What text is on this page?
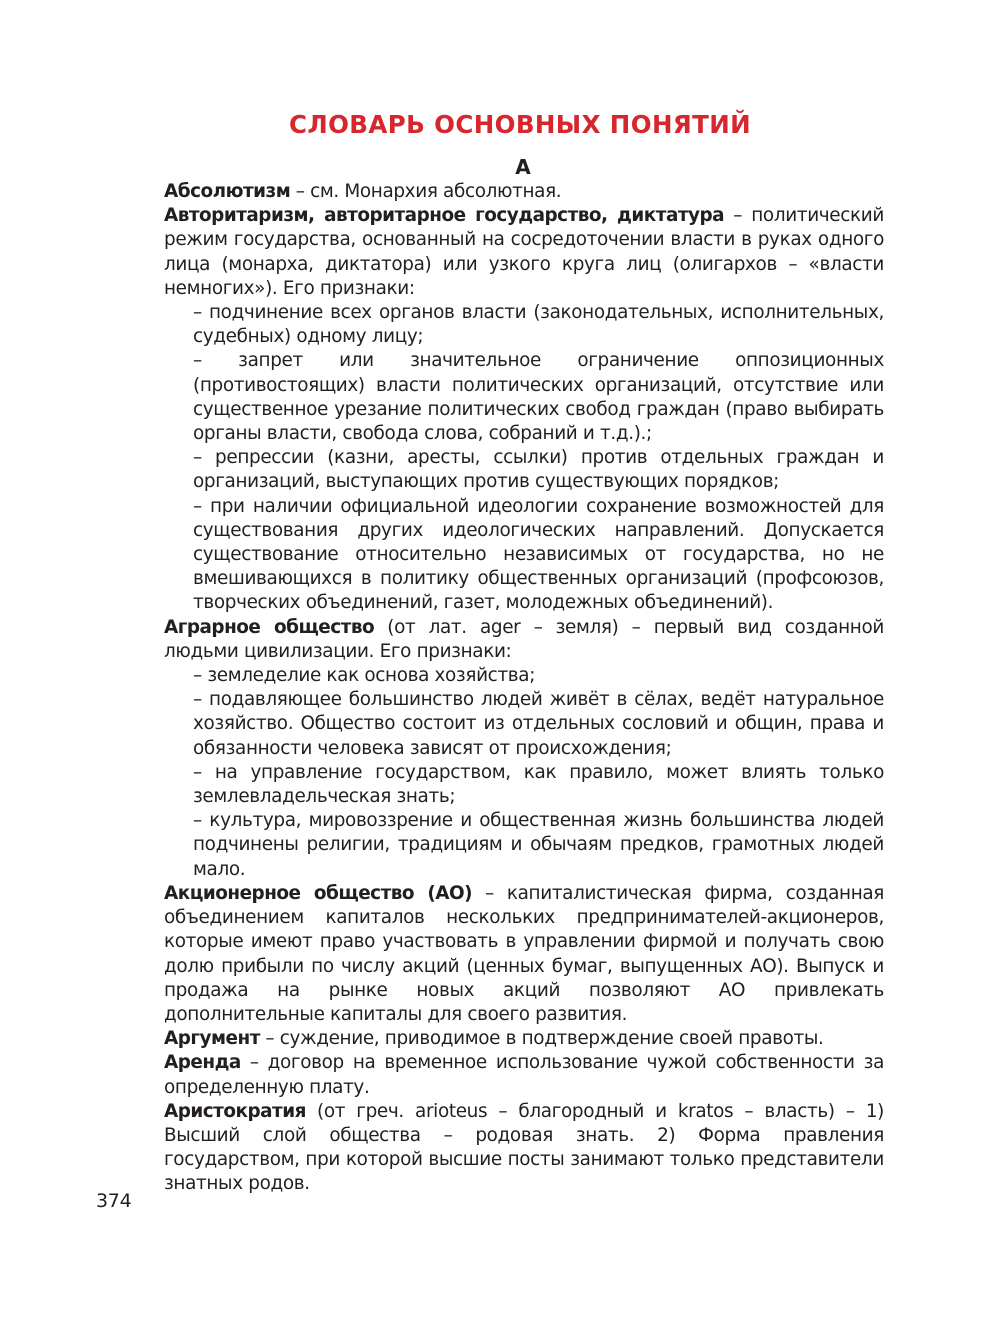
СЛОВАРЬ ОСНОВНЫХ ПОНЯТИЙ
А

Абсолютизм – см. Монархия абсолютная.

Авторитаризм, авторитарное государство, диктатура – политический режим государства, основанный на сосредоточении власти в руках одного лица (монарха, диктатора) или узкого круга лиц (олигархов – «власти немногих»). Его признаки:

– подчинение всех органов власти (законодательных, исполнительных, судебных) одному лицу;

– запрет или значительное ограничение оппозиционных (противостоящих) власти политических организаций, отсутствие или существенное урезание политических свобод граждан (право выбирать органы власти, свобода слова, собраний и т.д.).;

– репрессии (казни, аресты, ссылки) против отдельных граждан и организаций, выступающих против существующих порядков;

– при наличии официальной идеологии сохранение возможностей для существования других идеологических направлений. Допускается существование относительно независимых от государства, но не вмешивающихся в политику общественных организаций (профсоюзов, творческих объединений, газет, молодежных объединений).

Аграрное общество (от лат. ager – земля) – первый вид созданной людьми цивилизации. Его признаки:

– земледелие как основа хозяйства;

– подавляющее большинство людей живёт в сёлах, ведёт натуральное хозяйство. Общество состоит из отдельных сословий и общин, права и обязанности человека зависят от происхождения;

– на управление государством, как правило, может влиять только землевладельческая знать;

– культура, мировоззрение и общественная жизнь большинства людей подчинены религии, традициям и обычаям предков, грамотных людей мало.

Акционерное общество (АО) – капиталистическая фирма, созданная объединением капиталов нескольких предпринимателей-акционеров, которые имеют право участвовать в управлении фирмой и получать свою долю прибыли по числу акций (ценных бумаг, выпущенных АО). Выпуск и продажа на рынке новых акций позволяют АО привлекать дополнительные капиталы для своего развития.

Аргумент – суждение, приводимое в подтверждение своей правоты.

Аренда – договор на временное использование чужой собственности за определенную плату.

Аристократия (от греч. arioteus – благородный и kratos – власть) – 1) Высший слой общества – родовая знать. 2) Форма правления государством, при которой высшие посты занимают только представители знатных родов.

374
